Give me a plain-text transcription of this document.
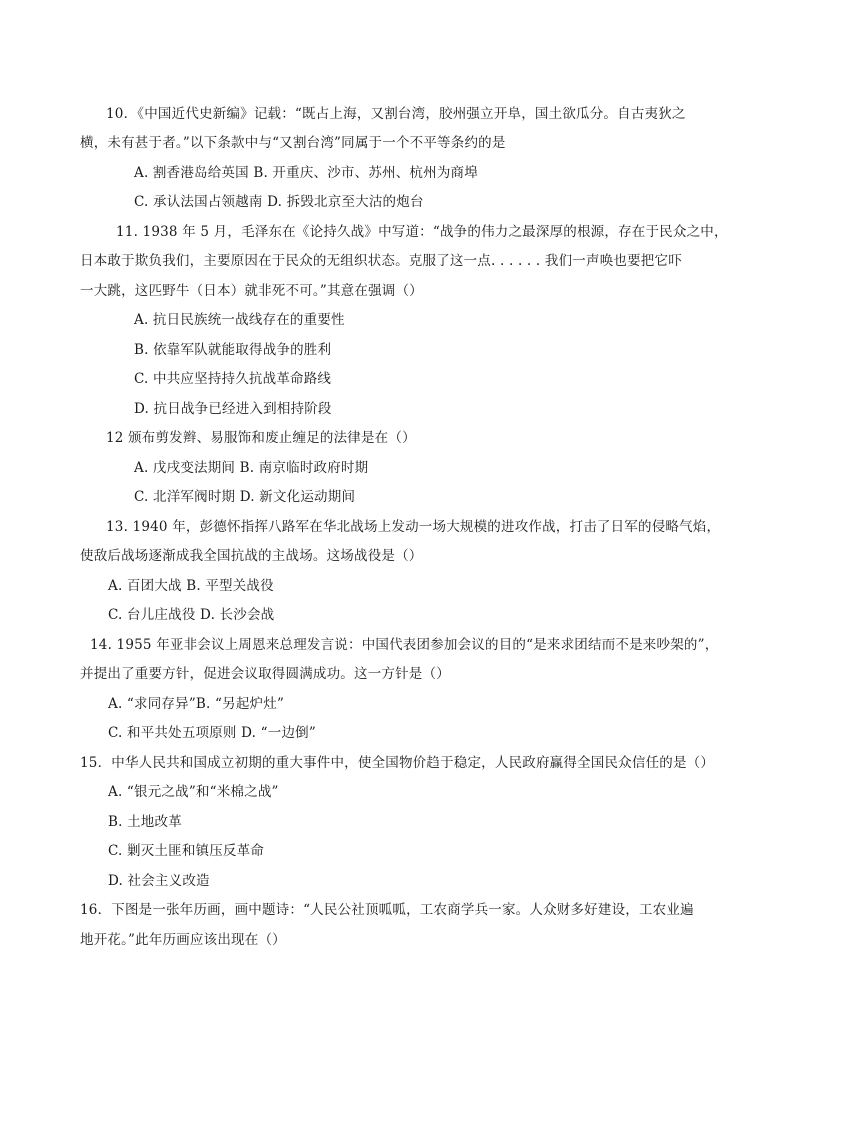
10．《中国近代史新编》记载：“既占上海，又割台湾，胶州强立开阜，国土欲瓜分。自古夷狄之
横，未有甚于者。”以下条款中与“又割台湾”同属于一个不平等条约的是
A. 割香港岛给英国 B. 开重庆、沙市、苏州、杭州为商埠
C. 承认法国占领越南 D. 拆毁北京至大沽的炮台
11. 1938 年 5 月，毛泽东在《论持久战》中写道：“战争的伟力之最深厚的根源，存在于民众之中，
日本敢于欺负我们，主要原因在于民众的无组织状态。克服了这一点. . . . . . 我们一声唤也要把它吓
一大跳，这匹野牛（日本）就非死不可。”其意在强调（）
A. 抗日民族统一战线存在的重要性
B. 依靠军队就能取得战争的胜利
C. 中共应坚持持久抗战革命路线
D. 抗日战争已经进入到相持阶段
12 颁布剪发辫、易服饰和废止缠足的法律是在（）
A. 戊戌变法期间 B. 南京临时政府时期
C. 北洋军阀时期 D. 新文化运动期间
13. 1940 年，彭德怀指挥八路军在华北战场上发动一场大规模的进攻作战，打击了日军的侵略气焰，
使敌后战场逐渐成我全国抗战的主战场。这场战役是（）
A. 百团大战 B. 平型关战役
C. 台儿庄战役 D. 长沙会战
14. 1955 年亚非会议上周恩来总理发言说：中国代表团参加会议的目的“是来求团结而不是来吵架的”，
并提出了重要方针，促进会议取得圆满成功。这一方针是（）
A. “求同存异”B. “另起炉灶”
C. 和平共处五项原则 D. “一边倒”
15．中华人民共和国成立初期的重大事件中，使全国物价趋于稳定，人民政府赢得全国民众信任的是（）
A. “银元之战”和“米棉之战”
B. 土地改革
C. 剿灭土匪和镇压反革命
D. 社会主义改造
16．下图是一张年历画，画中题诗：“人民公社顶呱呱，工农商学兵一家。人众财多好建设，工农业遍
地开花。”此年历画应该出现在（）
